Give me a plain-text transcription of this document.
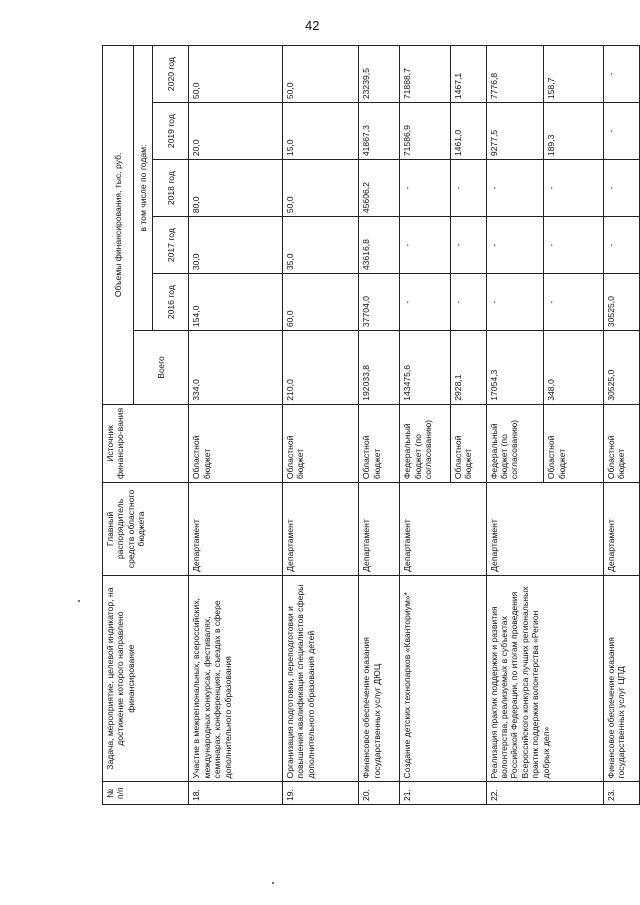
42
№ п/п	Задача, мероприятие, целевой индикатор, на достижение которого направлено финансирование	Главный распорядитель средств областного бюджета	Источник финансиро-вания	Объемы финансирования, тыс. руб.					
				Всего	в том числе по годам:				
					2016 год	2017 год	2018 год	2019 год	2020 год
18.	Участие в межрегиональных, всероссийских, международных конкурсах, фестивалях, семинарах, конференциях, съездах в сфере дополнительного образования	Департамент	Областной бюджет	334,0	154,0	30,0	80,0	20,0	50,0
19.	Организация подготовки, переподготовки и повышения квалификации специалистов сферы дополнительного образования детей	Департамент	Областной бюджет	210,0	60,0	35,0	50,0	15,0	50,0
20.	Финансовое обеспечение оказания государственных услуг ДЮЦ	Департамент	Областной бюджет	192033,8	37704,0	43616,8	45606,2	41867,3	23239,5
21.	Создание детских технопарков «Кванториум»*	Департамент	Федеральный бюджет (по согласованию)	143475,6	-	-	-	71586,9	71888,7
			Областной бюджет	2928,1	-	-	-	1461,0	1467,1
22.	Реализация практик поддержки и развития волонтерства, реализуемых в субъектах Российской Федерации, по итогам проведения Всероссийского конкурса лучших региональных практик поддержки волонтерства «Регион добрых дел»	Департамент	Федеральный бюджет (по согласованию)	17054,3	-	-	-	9277,5	7776,8
			Областной бюджет	348,0	-	-	-	189,3	158,7
23.	Финансовое обеспечение оказания государственных услуг ЦПД	Департамент	Областной бюджет	30525,0	30525,0	-	-	-	-
